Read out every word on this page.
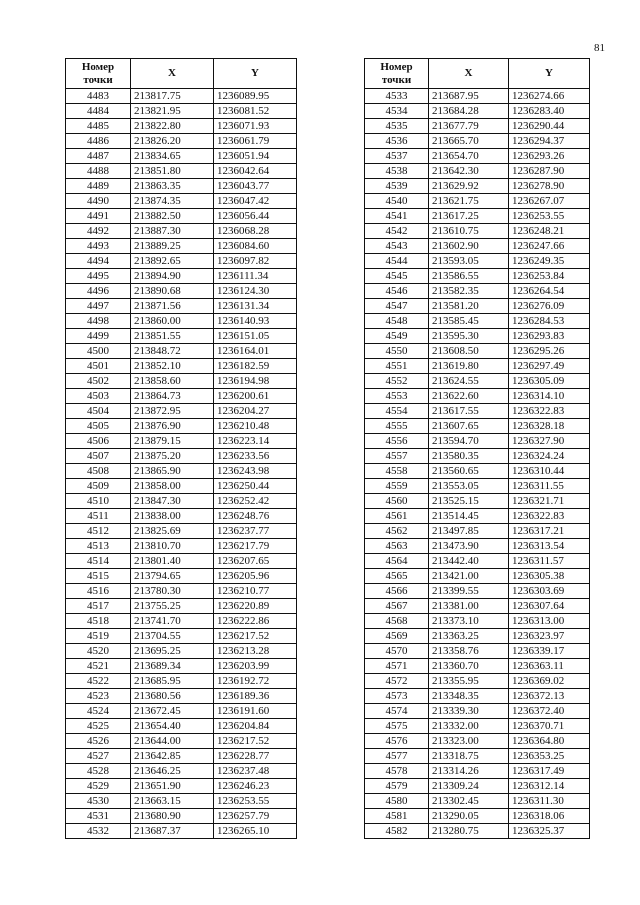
81
Номер
точки	X	Y
4483	213817.75	1236089.95
4484	213821.95	1236081.52
4485	213822.80	1236071.93
4486	213826.20	1236061.79
4487	213834.65	1236051.94
4488	213851.80	1236042.64
4489	213863.35	1236043.77
4490	213874.35	1236047.42
4491	213882.50	1236056.44
4492	213887.30	1236068.28
4493	213889.25	1236084.60
4494	213892.65	1236097.82
4495	213894.90	1236111.34
4496	213890.68	1236124.30
4497	213871.56	1236131.34
4498	213860.00	1236140.93
4499	213851.55	1236151.05
4500	213848.72	1236164.01
4501	213852.10	1236182.59
4502	213858.60	1236194.98
4503	213864.73	1236200.61
4504	213872.95	1236204.27
4505	213876.90	1236210.48
4506	213879.15	1236223.14
4507	213875.20	1236233.56
4508	213865.90	1236243.98
4509	213858.00	1236250.44
4510	213847.30	1236252.42
4511	213838.00	1236248.76
4512	213825.69	1236237.77
4513	213810.70	1236217.79
4514	213801.40	1236207.65
4515	213794.65	1236205.96
4516	213780.30	1236210.77
4517	213755.25	1236220.89
4518	213741.70	1236222.86
4519	213704.55	1236217.52
4520	213695.25	1236213.28
4521	213689.34	1236203.99
4522	213685.95	1236192.72
4523	213680.56	1236189.36
4524	213672.45	1236191.60
4525	213654.40	1236204.84
4526	213644.00	1236217.52
4527	213642.85	1236228.77
4528	213646.25	1236237.48
4529	213651.90	1236246.23
4530	213663.15	1236253.55
4531	213680.90	1236257.79
4532	213687.37	1236265.10
Номер
точки	X	Y
4533	213687.95	1236274.66
4534	213684.28	1236283.40
4535	213677.79	1236290.44
4536	213665.70	1236294.37
4537	213654.70	1236293.26
4538	213642.30	1236287.90
4539	213629.92	1236278.90
4540	213621.75	1236267.07
4541	213617.25	1236253.55
4542	213610.75	1236248.21
4543	213602.90	1236247.66
4544	213593.05	1236249.35
4545	213586.55	1236253.84
4546	213582.35	1236264.54
4547	213581.20	1236276.09
4548	213585.45	1236284.53
4549	213595.30	1236293.83
4550	213608.50	1236295.26
4551	213619.80	1236297.49
4552	213624.55	1236305.09
4553	213622.60	1236314.10
4554	213617.55	1236322.83
4555	213607.65	1236328.18
4556	213594.70	1236327.90
4557	213580.35	1236324.24
4558	213560.65	1236310.44
4559	213553.05	1236311.55
4560	213525.15	1236321.71
4561	213514.45	1236322.83
4562	213497.85	1236317.21
4563	213473.90	1236313.54
4564	213442.40	1236311.57
4565	213421.00	1236305.38
4566	213399.55	1236303.69
4567	213381.00	1236307.64
4568	213373.10	1236313.00
4569	213363.25	1236323.97
4570	213358.76	1236339.17
4571	213360.70	1236363.11
4572	213355.95	1236369.02
4573	213348.35	1236372.13
4574	213339.30	1236372.40
4575	213332.00	1236370.71
4576	213323.00	1236364.80
4577	213318.75	1236353.25
4578	213314.26	1236317.49
4579	213309.24	1236312.14
4580	213302.45	1236311.30
4581	213290.05	1236318.06
4582	213280.75	1236325.37
